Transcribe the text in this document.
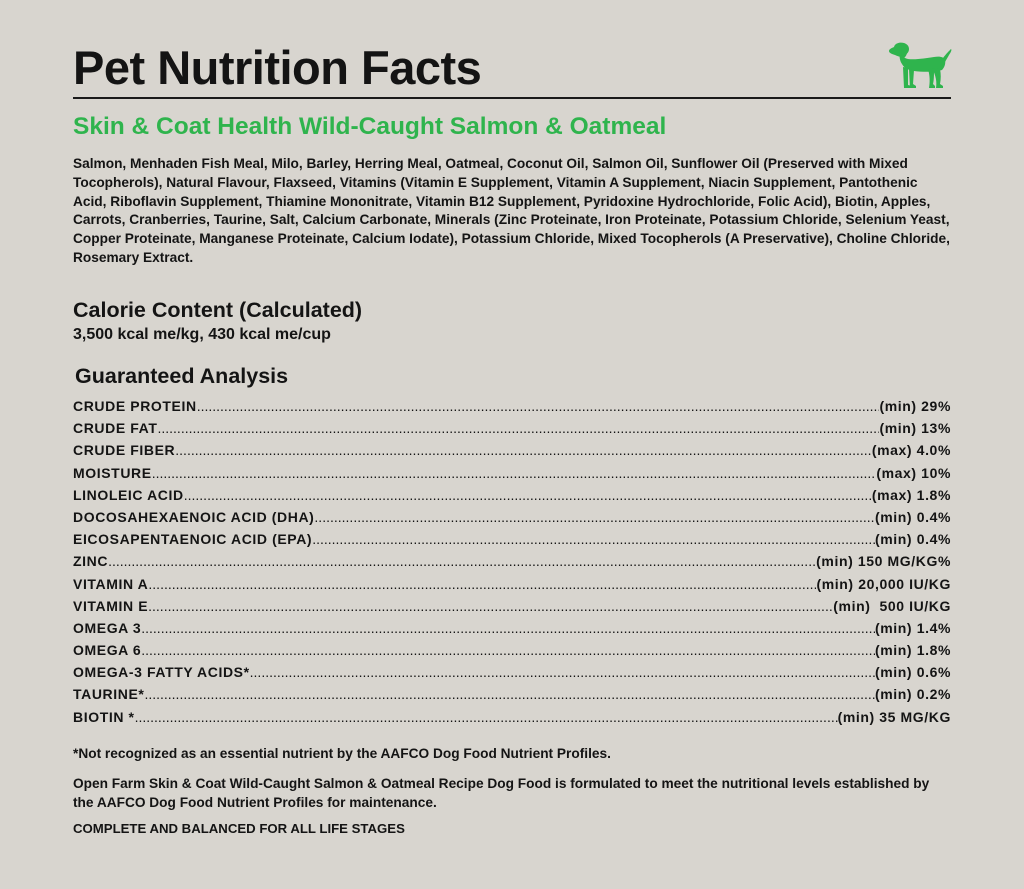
Pet Nutrition Facts
Skin & Coat Health Wild-Caught Salmon & Oatmeal

Salmon, Menhaden Fish Meal, Milo, Barley, Herring Meal, Oatmeal, Coconut Oil, Salmon Oil, Sunflower Oil (Preserved with Mixed Tocopherols), Natural Flavour, Flaxseed, Vitamins (Vitamin E Supplement, Vitamin A Supplement, Niacin Supplement, Pantothenic Acid, Riboflavin Supplement, Thiamine Mononitrate, Vitamin B12 Supplement, Pyridoxine Hydrochloride, Folic Acid), Biotin, Apples, Carrots, Cranberries, Taurine, Salt, Calcium Carbonate, Minerals (Zinc Proteinate, Iron Proteinate, Potassium Chloride, Selenium Yeast, Copper Proteinate, Manganese Proteinate, Calcium Iodate), Potassium Chloride, Mixed Tocopherols (A Preservative), Choline Chloride, Rosemary Extract.

Calorie Content (Calculated)

3,500 kcal me/kg, 430 kcal me/cup

Guaranteed Analysis
CRUDE PROTEIN .....	(min) 29%
CRUDE FAT .....	(min) 13%
CRUDE FIBER .....	(max) 4.0%
MOISTURE .....	(max) 10%
LINOLEIC ACID .....	(max) 1.8%
DOCOSAHEXAENOIC ACID (DHA) .....	(min) 0.4%
EICOSAPENTAENOIC ACID (EPA) .....	(min) 0.4%
ZINC .....	(min) 150 MG/KG%
VITAMIN A .....	(min) 20,000 IU/KG
VITAMIN E .....	(min)  500 IU/KG
OMEGA 3 .....	(min) 1.4%
OMEGA 6 .....	(min) 1.8%
OMEGA-3 FATTY ACIDS* .....	(min) 0.6%
TAURINE* .....	(min) 0.2%
BIOTIN * .....	(min) 35 MG/KG

*Not recognized as an essential nutrient by the AAFCO Dog Food Nutrient Profiles.

Open Farm Skin & Coat Wild-Caught Salmon & Oatmeal Recipe Dog Food is formulated to meet the nutritional levels established by the AAFCO Dog Food Nutrient Profiles for maintenance.

COMPLETE AND BALANCED FOR ALL LIFE STAGES
